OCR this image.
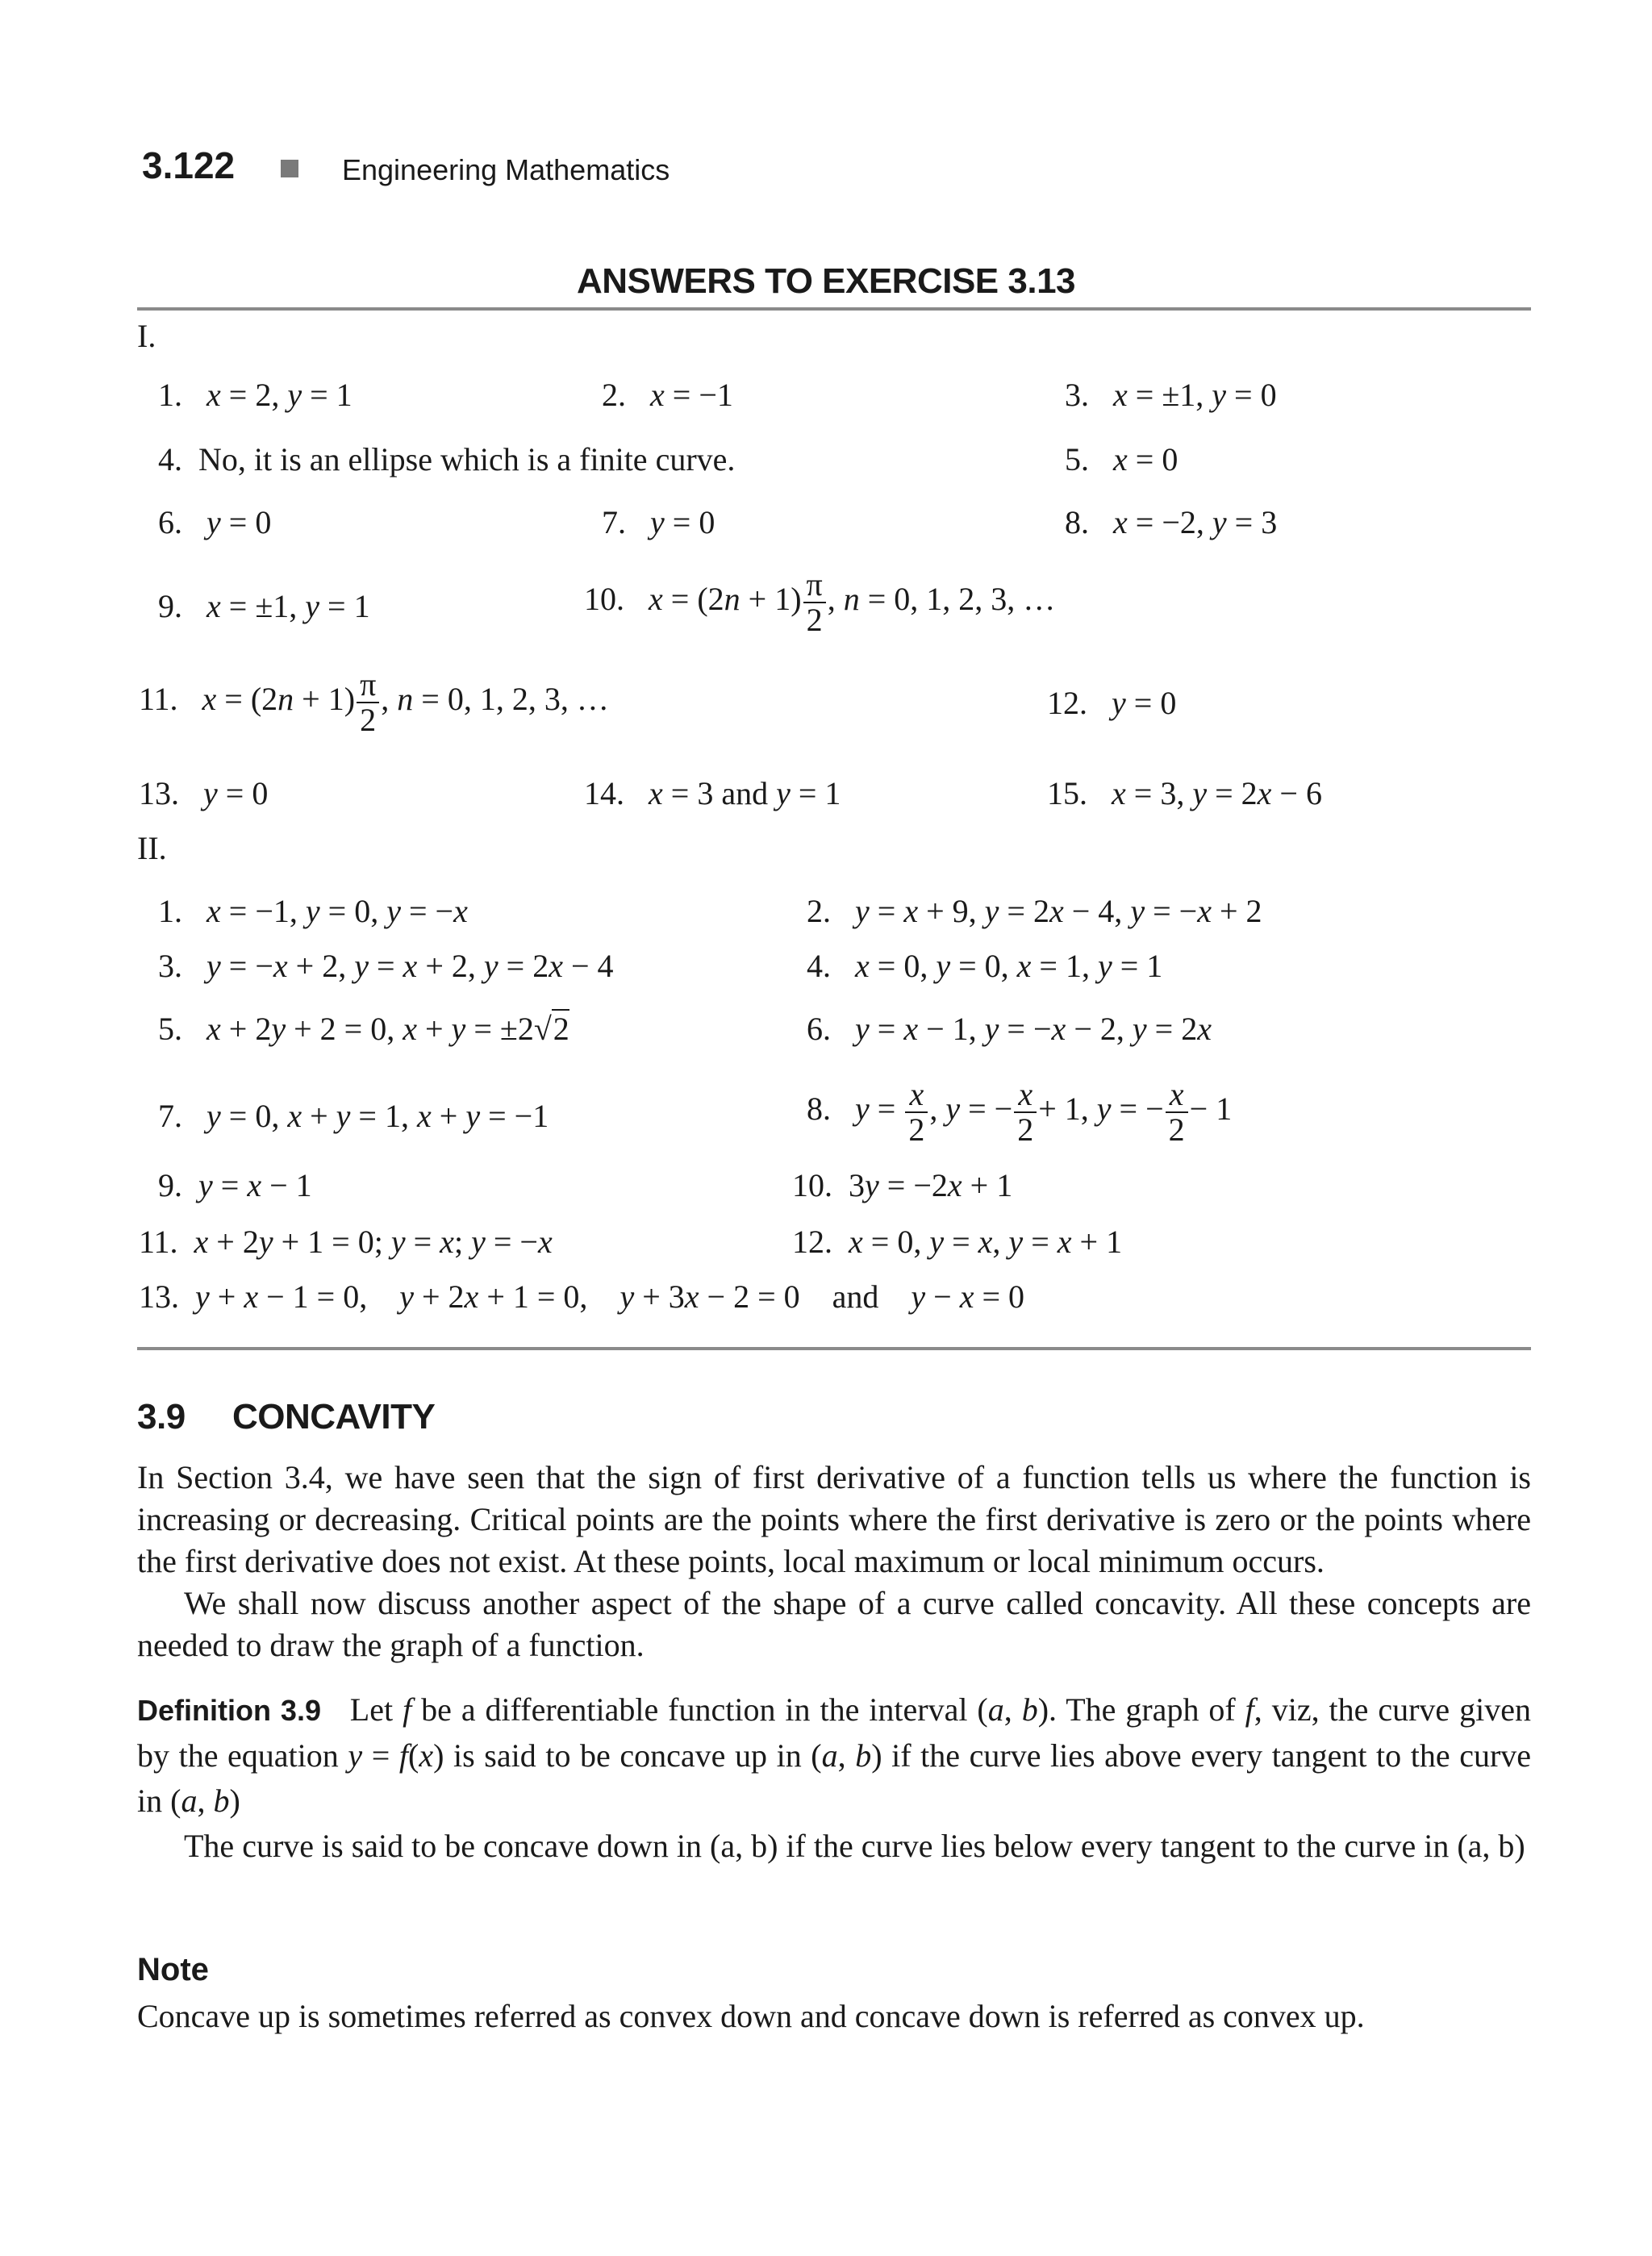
3.122	Engineering Mathematics
ANSWERS TO EXERCISE 3.13
I.
1. x = 2, y = 1	2. x = −1	3. x = ±1, y = 0
4. No, it is an ellipse which is a finite curve.	5. x = 0
6. y = 0	7. y = 0	8. x = −2, y = 3
9. x = ±1, y = 1	10. $x = (2n + 1) \frac{\pi}{2}$ , n = 0, 1, 2, 3, …
11. $x = (2n + 1) \frac{\pi}{2}$ , n = 0, 1, 2, 3, …	12. y = 0
13. y = 0	14. x = 3 and y = 1	15. x = 3, y = 2x − 6
II.
1. x = −1, y = 0, y = −x	2. y = x + 9, y = 2x − 4, y = −x + 2
3. y = −x + 2, y = x + 2, y = 2x − 4	4. x = 0, y = 0, x = 1, y = 1
5. x + 2y + 2 = 0, x + y = ±2√2	6. y = x − 1, y = −x − 2, y = 2x
7. y = 0, x + y = 1, x + y = −1	8. $y = \frac{x}{2}$ , y = − $\frac{x}{2} + 1$, y = − $\frac{x}{2} - 1$
9. y = x − 1	10.  3y = −2x + 1
11. x + 2y + 1 = 0; y = x; y = −x	12. x = 0, y = x, y = x + 1
13. y + x − 1 = 0,    y + 2x + 1 = 0,    y + 3x − 2 = 0    and    y − x = 0
3.9 CONCAVITY

In Section 3.4, we have seen that the sign of first derivative of a function tells us where the function is increasing or decreasing. Critical points are the points where the first derivative is zero or the points where the first derivative does not exist. At these points, local maximum or local minimum occurs.

We shall now discuss another aspect of the shape of a curve called concavity. All these concepts are needed to draw the graph of a function.

Definition 3.9   Let f be a differentiable function in the interval (a, b). The graph of f, viz, the curve given by the equation y = f(x) is said to be concave up in (a, b) if the curve lies above every tangent to the curve in (a, b)

The curve is said to be concave down in (a, b) if the curve lies below every tangent to the curve in (a, b)

Note
Concave up is sometimes referred as convex down and concave down is referred as convex up.
